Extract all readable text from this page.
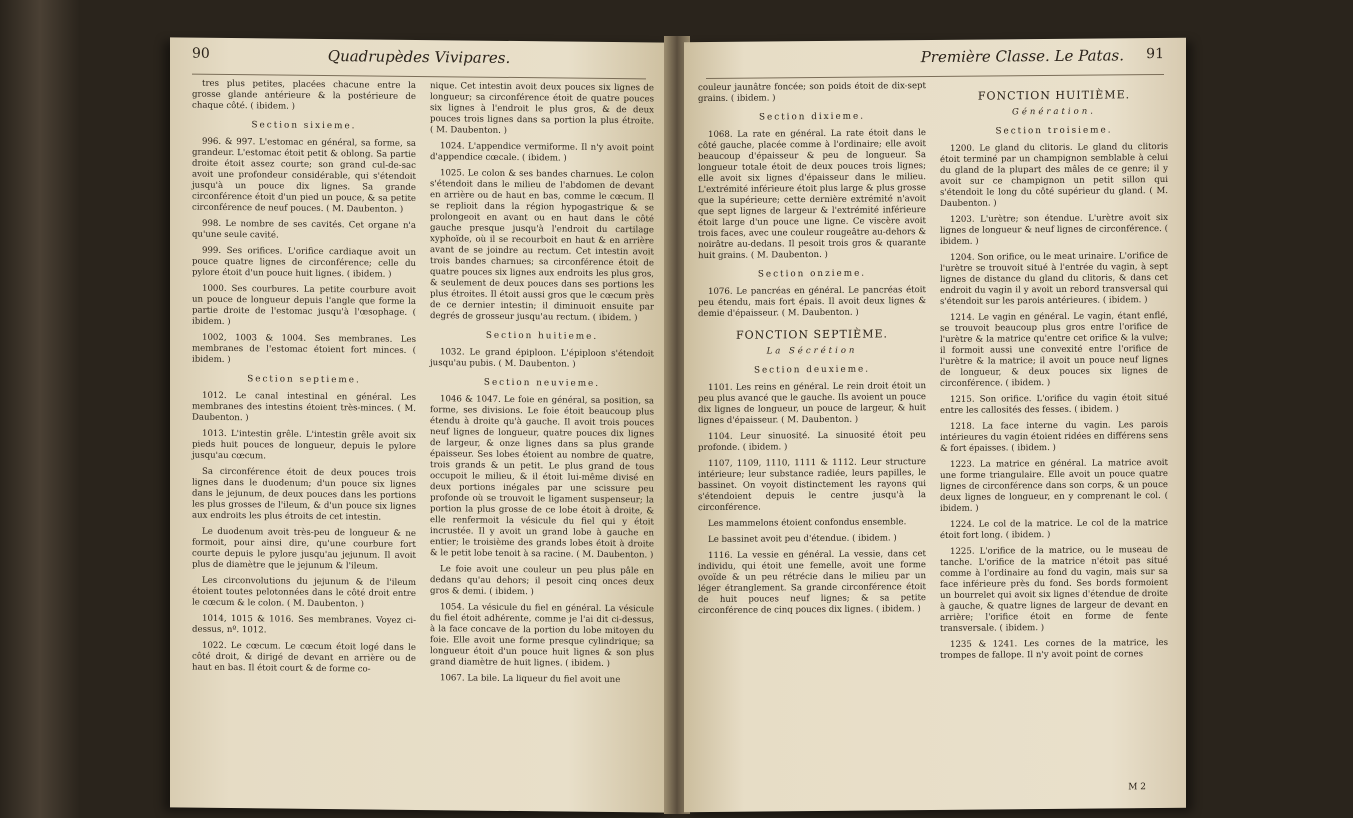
90	Quadrupèdes Vivipares.

tres plus petites, placées chacune entre la grosse glande antérieure & la postérieure de chaque côté. ( ibidem. )

Section sixieme.

996. & 997. L'estomac en général, sa forme, sa grandeur. L'estomac étoit petit & oblong. Sa partie droite étoit assez courte; son grand cul-de-sac avoit une profondeur considérable, qui s'étendoit jusqu'à un pouce dix lignes. Sa grande circonférence étoit d'un pied un pouce, & sa petite circonférence de neuf pouces. ( M. Daubenton. )

998. Le nombre de ses cavités. Cet organe n'a qu'une seule cavité.

999. Ses orifices. L'orifice cardiaque avoit un pouce quatre lignes de circonférence; celle du pylore étoit d'un pouce huit lignes. ( ibidem. )

1000. Ses courbures. La petite courbure avoit un pouce de longueur depuis l'angle que forme la partie droite de l'estomac jusqu'à l'œsophage. ( ibidem. )

1002, 1003 & 1004. Ses membranes. Les membranes de l'estomac étoient fort minces. ( ibidem. )

Section septieme.

1012. Le canal intestinal en général. Les membranes des intestins étoient très-minces. ( M. Daubenton. )

1013. L'intestin grêle. L'intestin grêle avoit six pieds huit pouces de longueur, depuis le pylore jusqu'au cœcum.

Sa circonférence étoit de deux pouces trois lignes dans le duodenum; d'un pouce six lignes dans le jejunum, de deux pouces dans les portions les plus grosses de l'ileum, & d'un pouce six lignes aux endroits les plus étroits de cet intestin.

Le duodenum avoit très-peu de longueur & ne formoit, pour ainsi dire, qu'une courbure fort courte depuis le pylore jusqu'au jejunum. Il avoit plus de diamètre que le jejunum & l'ileum.

Les circonvolutions du jejunum & de l'ileum étoient toutes pelotonnées dans le côté droit entre le cœcum & le colon. ( M. Daubenton. )

1014, 1015 & 1016. Ses membranes. Voyez ci-dessus, nº. 1012.

1022. Le cœcum. Le cœcum étoit logé dans le côté droit, & dirigé de devant en arrière ou de haut en bas. Il étoit court & de forme co-

nique. Cet intestin avoit deux pouces six lignes de longueur; sa circonférence étoit de quatre pouces six lignes à l'endroit le plus gros, & de deux pouces trois lignes dans sa portion la plus étroite. ( M. Daubenton. )

1024. L'appendice vermiforme. Il n'y avoit point d'appendice cœcale. ( ibidem. )

1025. Le colon & ses bandes charnues. Le colon s'étendoit dans le milieu de l'abdomen de devant en arrière ou de haut en bas, comme le cœcum. Il se replioit dans la région hypogastrique & se prolongeoit en avant ou en haut dans le côté gauche presque jusqu'à l'endroit du cartilage xyphoïde, où il se recourboit en haut & en arrière avant de se joindre au rectum. Cet intestin avoit trois bandes charnues; sa circonférence étoit de quatre pouces six lignes aux endroits les plus gros, & seulement de deux pouces dans ses portions les plus étroites. Il étoit aussi gros que le cœcum près de ce dernier intestin; il diminuoit ensuite par degrés de grosseur jusqu'au rectum. ( ibidem. )

Section huitieme.

1032. Le grand épiploon. L'épiploon s'étendoit jusqu'au pubis. ( M. Daubenton. )

Section neuvieme.

1046 & 1047. Le foie en général, sa position, sa forme, ses divisions. Le foie étoit beaucoup plus étendu à droite qu'à gauche. Il avoit trois pouces neuf lignes de longueur, quatre pouces dix lignes de largeur, & onze lignes dans sa plus grande épaisseur. Ses lobes étoient au nombre de quatre, trois grands & un petit. Le plus grand de tous occupoit le milieu, & il étoit lui-même divisé en deux portions inégales par une scissure peu profonde où se trouvoit le ligament suspenseur; la portion la plus grosse de ce lobe étoit à droite, & elle renfermoit la vésicule du fiel qui y étoit incrustée. Il y avoit un grand lobe à gauche en entier; le troisième des grands lobes étoit à droite & le petit lobe tenoit à sa racine. ( M. Daubenton. )

Le foie avoit une couleur un peu plus pâle en dedans qu'au dehors; il pesoit cinq onces deux gros & demi. ( ibidem. )

1054. La vésicule du fiel en général. La vésicule du fiel étoit adhérente, comme je l'ai dit ci-dessus, à la face concave de la portion du lobe mitoyen du foie. Elle avoit une forme presque cylindrique; sa longueur étoit d'un pouce huit lignes & son plus grand diamètre de huit lignes. ( ibidem. )

1067. La bile. La liqueur du fiel avoit une

Première Classe. Le Patas.	91

couleur jaunâtre foncée; son poids étoit de dix-sept grains. ( ibidem. )

Section dixieme.

1068. La rate en général. La rate étoit dans le côté gauche, placée comme à l'ordinaire; elle avoit beaucoup d'épaisseur & peu de longueur. Sa longueur totale étoit de deux pouces trois lignes; elle avoit six lignes d'épaisseur dans le milieu. L'extrémité inférieure étoit plus large & plus grosse que la supérieure; cette dernière extrémité n'avoit que sept lignes de largeur & l'extrémité inférieure étoit large d'un pouce une ligne. Ce viscère avoit trois faces, avec une couleur rougeâtre au-dehors & noirâtre au-dedans. Il pesoit trois gros & quarante huit grains. ( M. Daubenton. )

Section onzieme.

1076. Le pancréas en général. Le pancréas étoit peu étendu, mais fort épais. Il avoit deux lignes & demie d'épaisseur. ( M. Daubenton. )

FONCTION SEPTIÈME.

La Sécrétion

Section deuxieme.

1101. Les reins en général. Le rein droit étoit un peu plus avancé que le gauche. Ils avoient un pouce dix lignes de longueur, un pouce de largeur, & huit lignes d'épaisseur. ( M. Daubenton. )

1104. Leur sinuosité. La sinuosité étoit peu profonde. ( ibidem. )

1107, 1109, 1110, 1111 & 1112. Leur structure intérieure; leur substance radiée, leurs papilles, le bassinet. On voyoit distinctement les rayons qui s'étendoient depuis le centre jusqu'à la circonférence.

Les mammelons étoient confondus ensemble.

Le bassinet avoit peu d'étendue. ( ibidem. )

1116. La vessie en général. La vessie, dans cet individu, qui étoit une femelle, avoit une forme ovoïde & un peu rétrécie dans le milieu par un léger étranglement. Sa grande circonférence étoit de huit pouces neuf lignes; & sa petite circonférence de cinq pouces dix lignes. ( ibidem. )

FONCTION HUITIÈME.

Génération.

Section troisieme.

1200. Le gland du clitoris. Le gland du clitoris étoit terminé par un champignon semblable à celui du gland de la plupart des mâles de ce genre; il y avoit sur ce champignon un petit sillon qui s'étendoit le long du côté supérieur du gland. ( M. Daubenton. )

1203. L'urètre; son étendue. L'urètre avoit six lignes de longueur & neuf lignes de circonférence. ( ibidem. )

1204. Son orifice, ou le meat urinaire. L'orifice de l'urètre se trouvoit situé à l'entrée du vagin, à sept lignes de distance du gland du clitoris, & dans cet endroit du vagin il y avoit un rebord transversal qui s'étendoit sur les parois antérieures. ( ibidem. )

1214. Le vagin en général. Le vagin, étant enflé, se trouvoit beaucoup plus gros entre l'orifice de l'urètre & la matrice qu'entre cet orifice & la vulve; il formoit aussi une convexité entre l'orifice de l'urètre & la matrice; il avoit un pouce neuf lignes de longueur, & deux pouces six lignes de circonférence. ( ibidem. )

1215. Son orifice. L'orifice du vagin étoit situé entre les callosités des fesses. ( ibidem. )

1218. La face interne du vagin. Les parois intérieures du vagin étoient ridées en différens sens & fort épaisses. ( ibidem. )

1223. La matrice en général. La matrice avoit une forme triangulaire. Elle avoit un pouce quatre lignes de circonférence dans son corps, & un pouce deux lignes de longueur, en y comprenant le col. ( ibidem. )

1224. Le col de la matrice. Le col de la matrice étoit fort long. ( ibidem. )

1225. L'orifice de la matrice, ou le museau de tanche. L'orifice de la matrice n'étoit pas situé comme à l'ordinaire au fond du vagin, mais sur sa face inférieure près du fond. Ses bords formoient un bourrelet qui avoit six lignes d'étendue de droite à gauche, & quatre lignes de largeur de devant en arrière; l'orifice étoit en forme de fente transversale. ( ibidem. )

1235 & 1241. Les cornes de la matrice, les trompes de fallope. Il n'y avoit point de cornes

M 2
